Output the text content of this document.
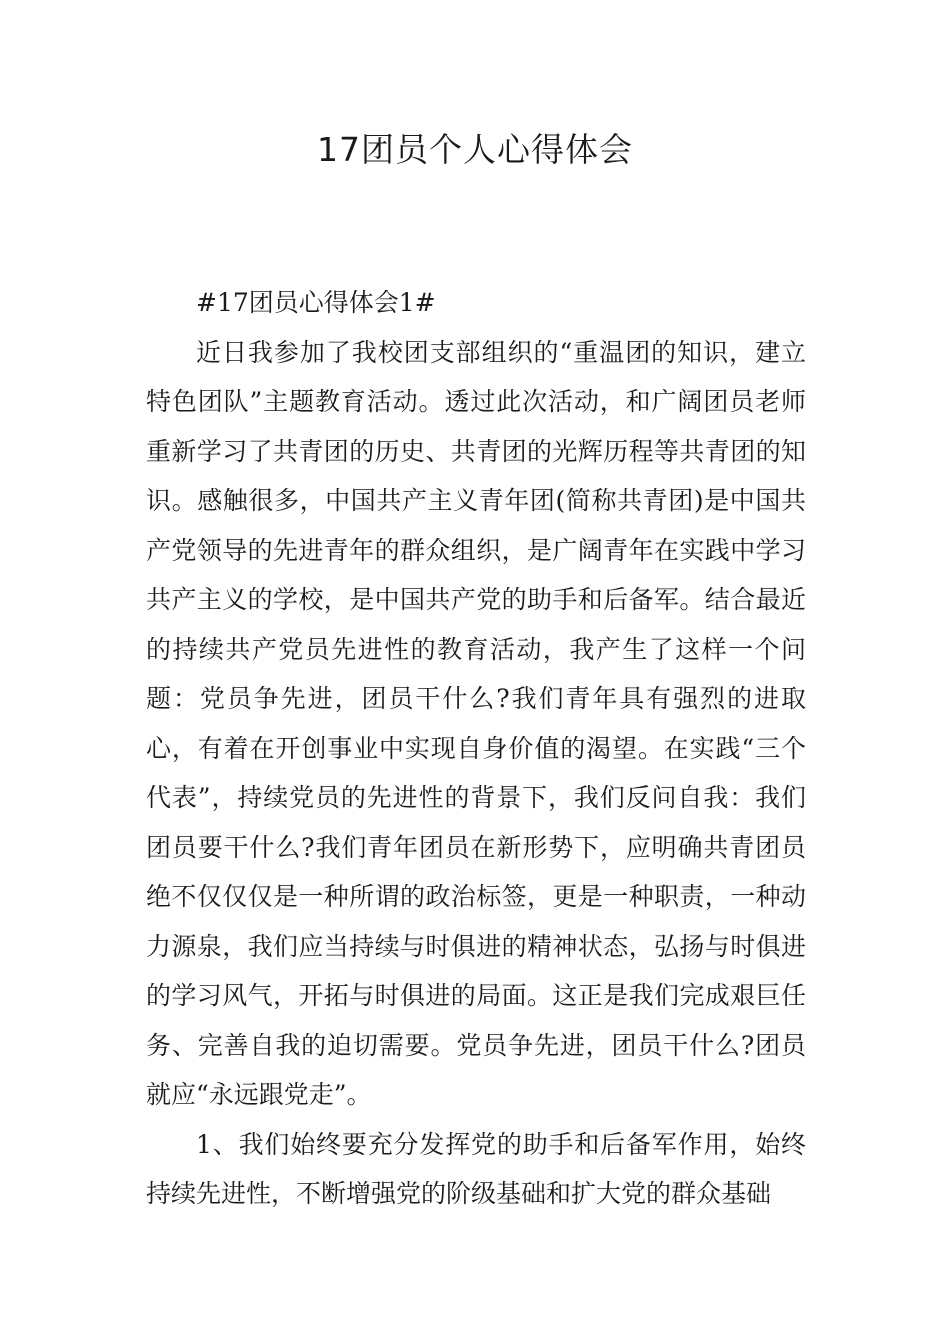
17团员个人心得体会

#17团员心得体会1#

近日我参加了我校团支部组织的“重温团的知识，建立特色团队”主题教育活动。透过此次活动，和广阔团员老师重新学习了共青团的历史、共青团的光辉历程等共青团的知识。感触很多，中国共产主义青年团(简称共青团)是中国共产党领导的先进青年的群众组织，是广阔青年在实践中学习共产主义的学校，是中国共产党的助手和后备军。结合最近的持续共产党员先进性的教育活动，我产生了这样一个问题：党员争先进，团员干什么?我们青年具有强烈的进取心，有着在开创事业中实现自身价值的渴望。在实践“三个代表”，持续党员的先进性的背景下，我们反问自我：我们团员要干什么?我们青年团员在新形势下，应明确共青团员绝不仅仅仅是一种所谓的政治标签，更是一种职责，一种动力源泉，我们应当持续与时俱进的精神状态，弘扬与时俱进的学习风气，开拓与时俱进的局面。这正是我们完成艰巨任务、完善自我的迫切需要。党员争先进，团员干什么?团员就应“永远跟党走”。

1、我们始终要充分发挥党的助手和后备军作用，始终持续先进性，不断增强党的阶级基础和扩大党的群众基础
